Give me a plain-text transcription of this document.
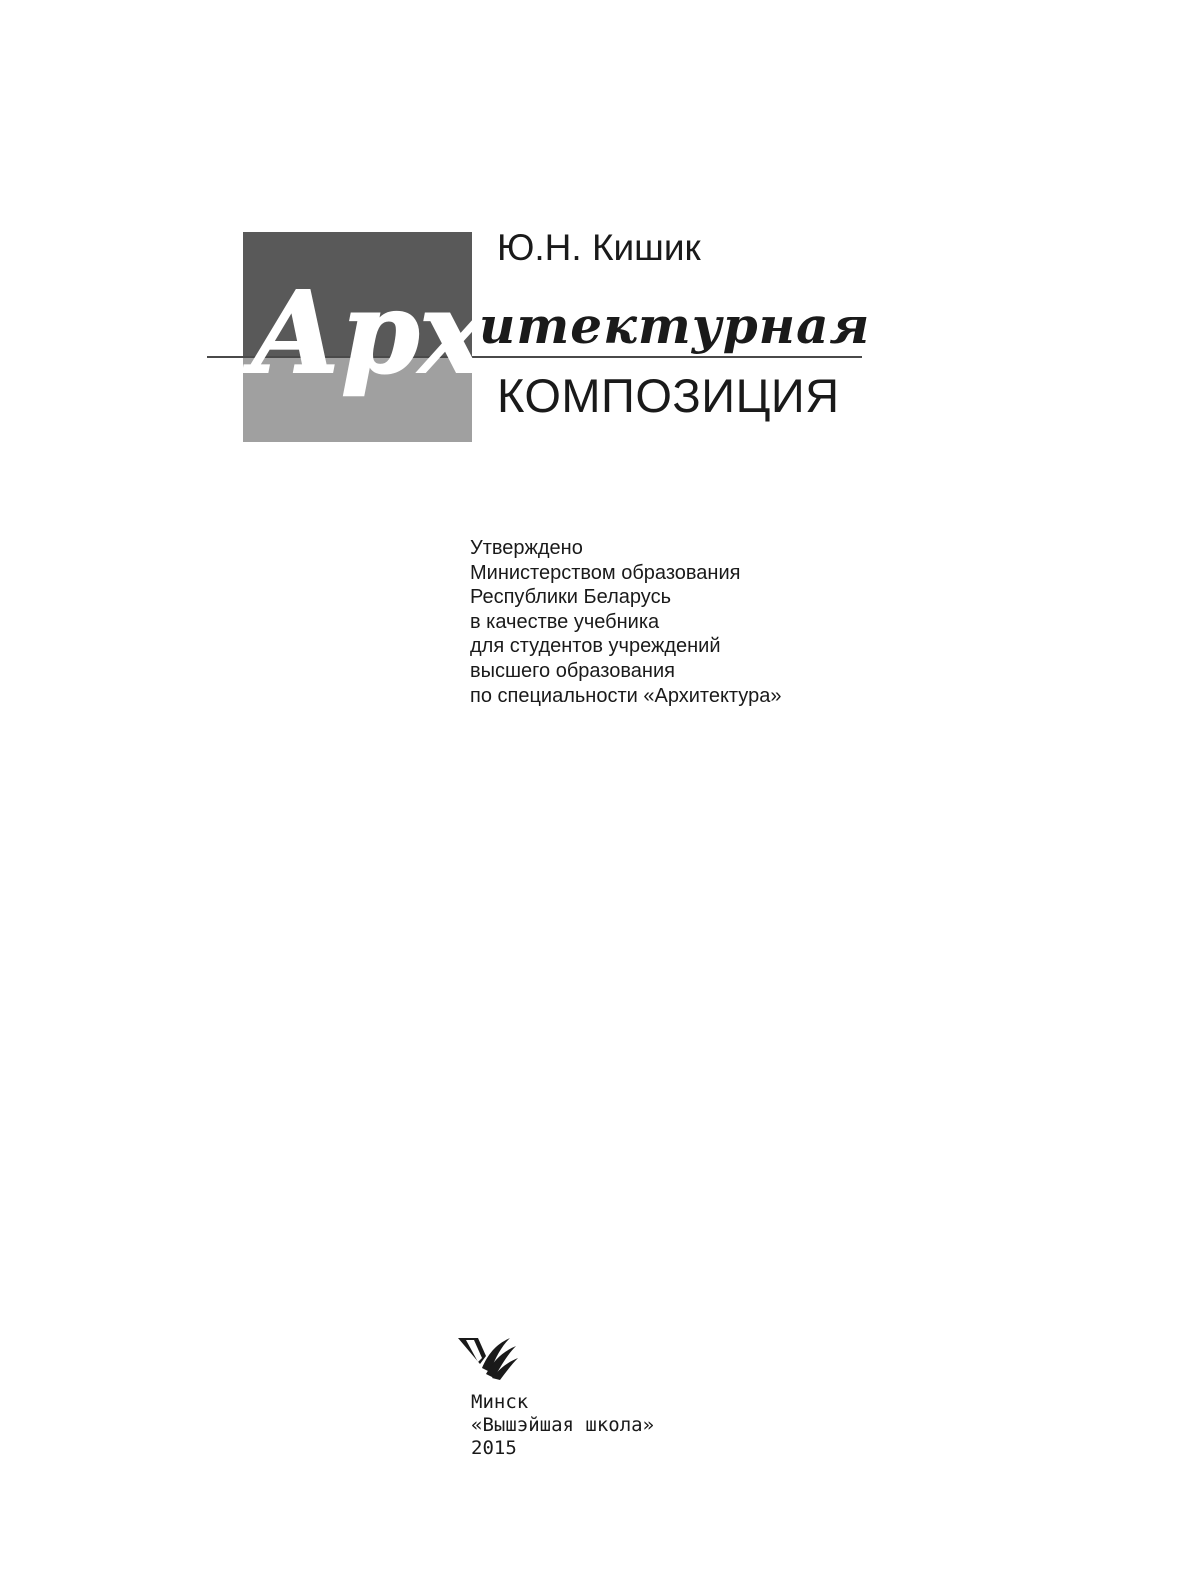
Ю.Н. Кишик
Арх
итектурная
КОМПОЗИЦИЯ
Утверждено
Министерством образования
Республики Беларусь
в качестве учебника
для студентов учреждений
высшего образования
по специальности «Архитектура»
Минск
«Вышэйшая школа»
2015
